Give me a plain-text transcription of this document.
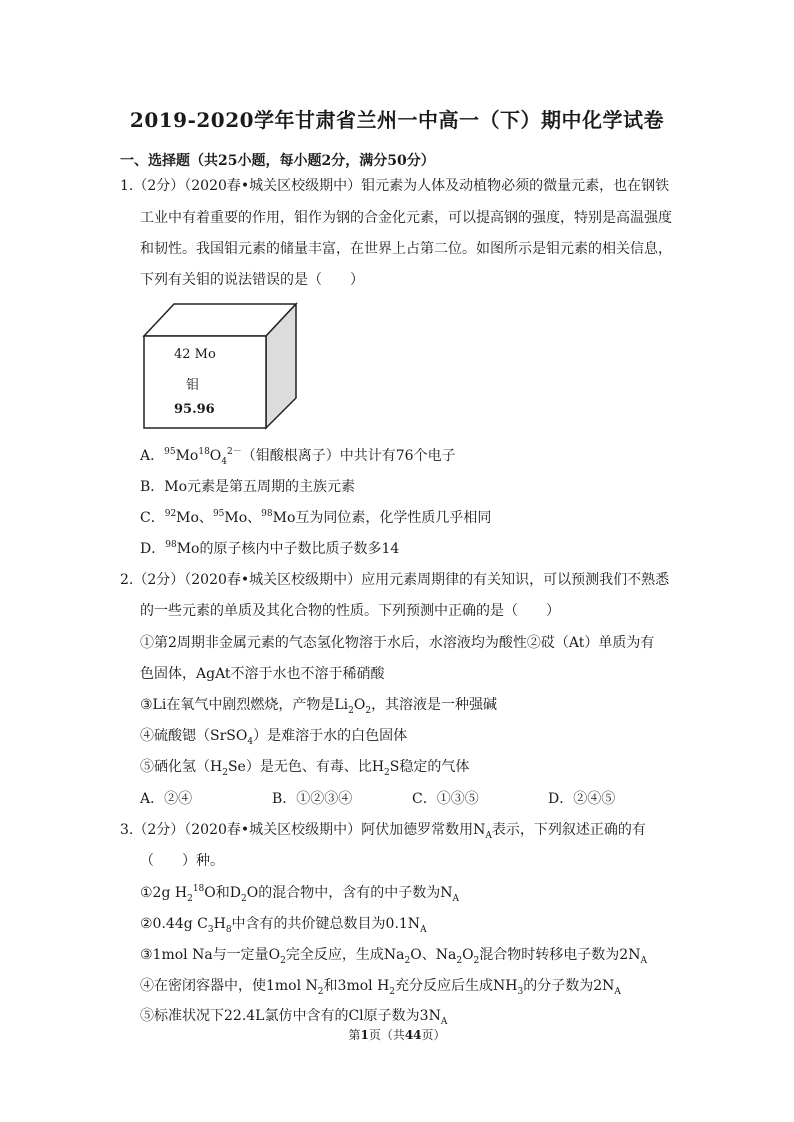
2019-2020学年甘肃省兰州一中高一（下）期中化学试卷
一、选择题（共25小题，每小题2分，满分50分）
1.（2分）（2020春•城关区校级期中）钼元素为人体及动植物必须的微量元素，也在钢铁
工业中有着重要的作用，钼作为钢的合金化元素，可以提高钢的强度，特别是高温强度
和韧性。我国钼元素的储量丰富，在世界上占第二位。如图所示是钼元素的相关信息，
下列有关钼的说法错误的是（　　）
42 Mo
钼
95.96
A．$^{95}Mo^{18}O_4^{2-}$（钼酸根离子）中共计有76个电子
B．Mo元素是第五周期的主族元素
C．$^{92}$Mo、$^{95}$Mo、$^{98}$Mo互为同位素，化学性质几乎相同
D．$^{98}$Mo的原子核内中子数比质子数多14
2.（2分）（2020春•城关区校级期中）应用元素周期律的有关知识，可以预测我们不熟悉
的一些元素的单质及其化合物的性质。下列预测中正确的是（　　）
①第2周期非金属元素的气态氢化物溶于水后，水溶液均为酸性②砹（At）单质为有
色固体，AgAt不溶于水也不溶于稀硝酸
③Li在氧气中剧烈燃烧，产物是$Li_2O_2$，其溶液是一种强碱
④硫酸锶（SrSO$_4$）是难溶于水的白色固体
⑤硒化氢$(H_2Se)$是无色、有毒、比$H_2S$稳定的气体
A．②④	B．①②③④	C．①③⑤	D．②④⑤
3.（2分）（2020春•城关区校级期中）阿伏加德罗常数用$N_A$表示，下列叙述正确的有
（　　）种。
①2g $H_2^{18}O$和$D_2O$的混合物中，含有的中子数为$N_A$
②0.44g $C_3H_8$中含有的共价键总数目为$0.1N_A$
③1mol Na与一定量$O_2$完全反应，生成$Na_2O$、$Na_2O_2$混合物时转移电子数为$2N_A$
④在密闭容器中，使1mol $N_2$和3mol $H_2$充分反应后生成$NH_3$的分子数为$2N_A$
⑤标准状况下22.4L氯仿中含有的Cl原子数为$3N_A$
第1页（共44页）
